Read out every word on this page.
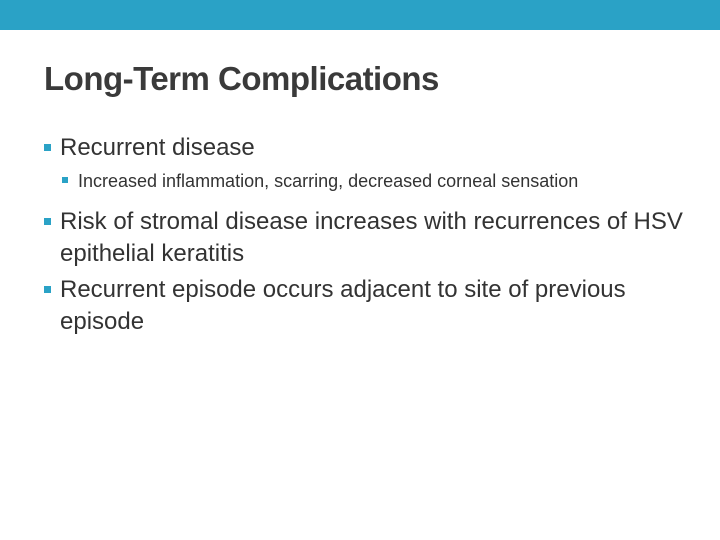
Long-Term Complications
Recurrent disease
Increased inflammation, scarring, decreased corneal sensation
Risk of stromal disease increases with recurrences of HSV epithelial keratitis
Recurrent episode occurs adjacent to site of previous episode
